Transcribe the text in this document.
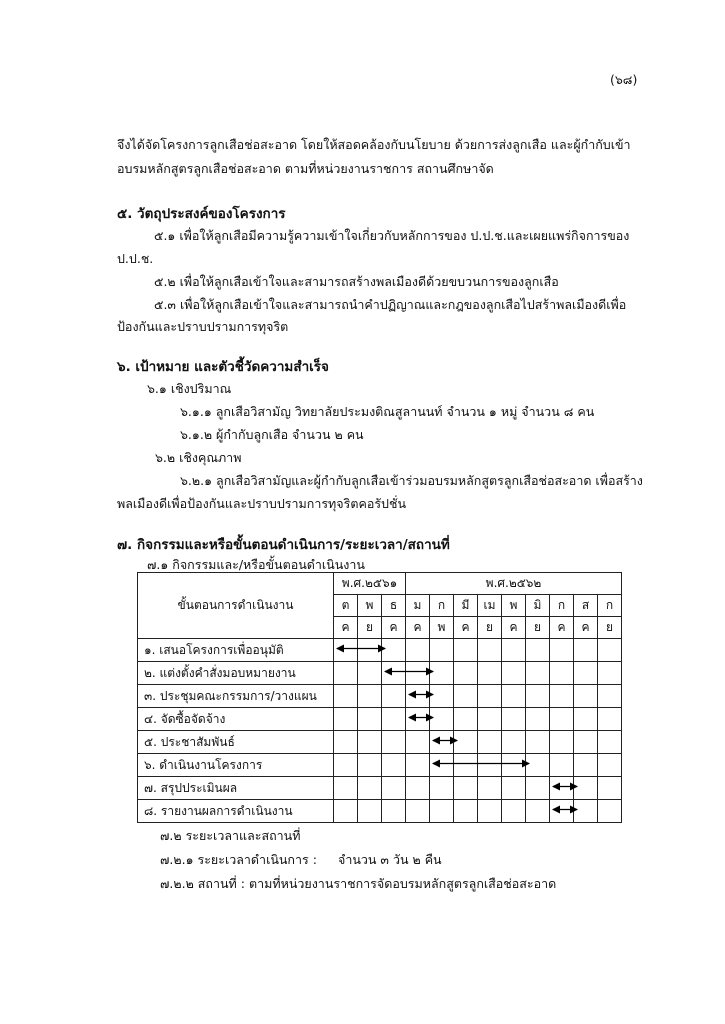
(๖๘)
จึงได้จัดโครงการลูกเสือช่อสะอาด โดยให้สอดคล้องกับนโยบาย ด้วยการส่งลูกเสือ และผู้กำกับเข้า
อบรมหลักสูตรลูกเสือช่อสะอาด ตามที่หน่วยงานราชการ สถานศึกษาจัด
๕. วัตถุประสงค์ของโครงการ
๕.๑ เพื่อให้ลูกเสือมีความรู้ความเข้าใจเกี่ยวกับหลักการของ ป.ป.ช.และเผยแพร่กิจการของ
ป.ป.ช.
๕.๒ เพื่อให้ลูกเสือเข้าใจและสามารถสร้างพลเมืองดีด้วยขบวนการของลูกเสือ
๕.๓ เพื่อให้ลูกเสือเข้าใจและสามารถนำคำปฏิญาณและกฎของลูกเสือไปสร้าพลเมืองดีเพื่อ
ป้องกันและปราบปรามการทุจริต
๖. เป้าหมาย และตัวชี้วัดความสำเร็จ
๖.๑ เชิงปริมาณ
๖.๑.๑ ลูกเสือวิสามัญ วิทยาลัยประมงติณสูลานนท์ จำนวน ๑ หมู่ จำนวน ๘ คน
๖.๑.๒ ผู้กำกับลูกเสือ จำนวน ๒ คน
๖.๒ เชิงคุณภาพ
๖.๒.๑ ลูกเสือวิสามัญและผู้กำกับลูกเสือเข้าร่วมอบรมหลักสูตรลูกเสือช่อสะอาด เพื่อสร้าง
พลเมืองดีเพื่อป้องกันและปราบปรามการทุจริตคอรัปชั่น
๗. กิจกรรมและหรือขั้นตอนดำเนินการ/ระยะเวลา/สถานที่
๗.๑ กิจกรรมและ/หรือขั้นตอนดำเนินงาน
ขั้นตอนการดำเนินงาน	พ.ศ.๒๕๖๑			พ.ศ.๒๕๖๒								
	ต	พ	ธ	ม	ก	มี	เม	พ	มิ	ก	ส	ก
	ค	ย	ค	ค	พ	ค	ย	ค	ย	ค	ค	ย
๑. เสนอโครงการเพื่ออนุมัติ												
๒. แต่งตั้งคำสั่งมอบหมายงาน												
๓. ประชุมคณะกรรมการ/วางแผน												
๔. จัดซื้อจัดจ้าง												
๕. ประชาสัมพันธ์												
๖. ดำเนินงานโครงการ												
๗. สรุปประเมินผล												
๘. รายงานผลการดำเนินงาน												
๗.๒ ระยะเวลาและสถานที่
๗.๒.๑ ระยะเวลาดำเนินการ : จำนวน ๓ วัน ๒ คืน
๗.๒.๒ สถานที่ : ตามที่หน่วยงานราชการจัดอบรมหลักสูตรลูกเสือช่อสะอาด
